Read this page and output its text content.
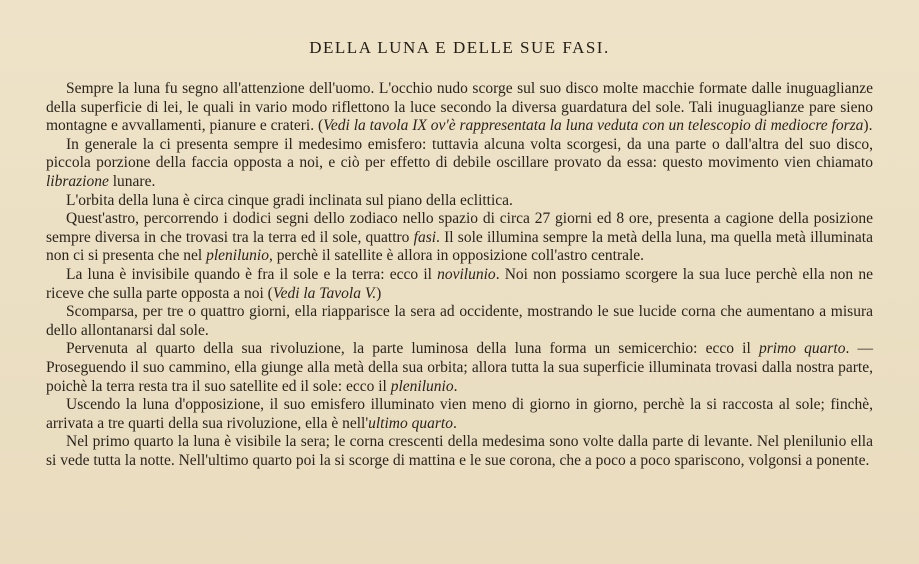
DELLA LUNA E DELLE SUE FASI.

Sempre la luna fu segno all'attenzione dell'uomo. L'occhio nudo scorge sul suo disco molte macchie formate dalle inuguaglianze della superficie di lei, le quali in vario modo riflettono la luce secondo la diversa guardatura del sole. Tali inuguaglianze pare sieno montagne e avvallamenti, pianure e crateri. (Vedi la tavola IX ov'è rappresentata la luna veduta con un telescopio di mediocre forza).

In generale la ci presenta sempre il medesimo emisfero: tuttavia alcuna volta scorgesi, da una parte o dall'altra del suo disco, piccola porzione della faccia opposta a noi, e ciò per effetto di debile oscillare provato da essa: questo movimento vien chiamato librazione lunare.

L'orbita della luna è circa cinque gradi inclinata sul piano della eclittica.

Quest'astro, percorrendo i dodici segni dello zodiaco nello spazio di circa 27 giorni ed 8 ore, presenta a cagione della posizione sempre diversa in che trovasi tra la terra ed il sole, quattro fasi. Il sole illumina sempre la metà della luna, ma quella metà illuminata non ci si presenta che nel plenilunio, perchè il satellite è allora in opposizione coll'astro centrale.

La luna è invisibile quando è fra il sole e la terra: ecco il novilunio. Noi non possiamo scorgere la sua luce perchè ella non ne riceve che sulla parte opposta a noi (Vedi la Tavola V.)

Scomparsa, per tre o quattro giorni, ella riapparisce la sera ad occidente, mostrando le sue lucide corna che aumentano a misura dello allontanarsi dal sole.

Pervenuta al quarto della sua rivoluzione, la parte luminosa della luna forma un semicerchio: ecco il primo quarto. — Proseguendo il suo cammino, ella giunge alla metà della sua orbita; allora tutta la sua superficie illuminata trovasi dalla nostra parte, poichè la terra resta tra il suo satellite ed il sole: ecco il plenilunio.

Uscendo la luna d'opposizione, il suo emisfero illuminato vien meno di giorno in giorno, perchè la si raccosta al sole; finchè, arrivata a tre quarti della sua rivoluzione, ella è nell'ultimo quarto.

Nel primo quarto la luna è visibile la sera; le corna crescenti della medesima sono volte dalla parte di levante. Nel plenilunio ella si vede tutta la notte. Nell'ultimo quarto poi la si scorge di mattina e le sue corona, che a poco a poco spariscono, volgonsi a ponente.
